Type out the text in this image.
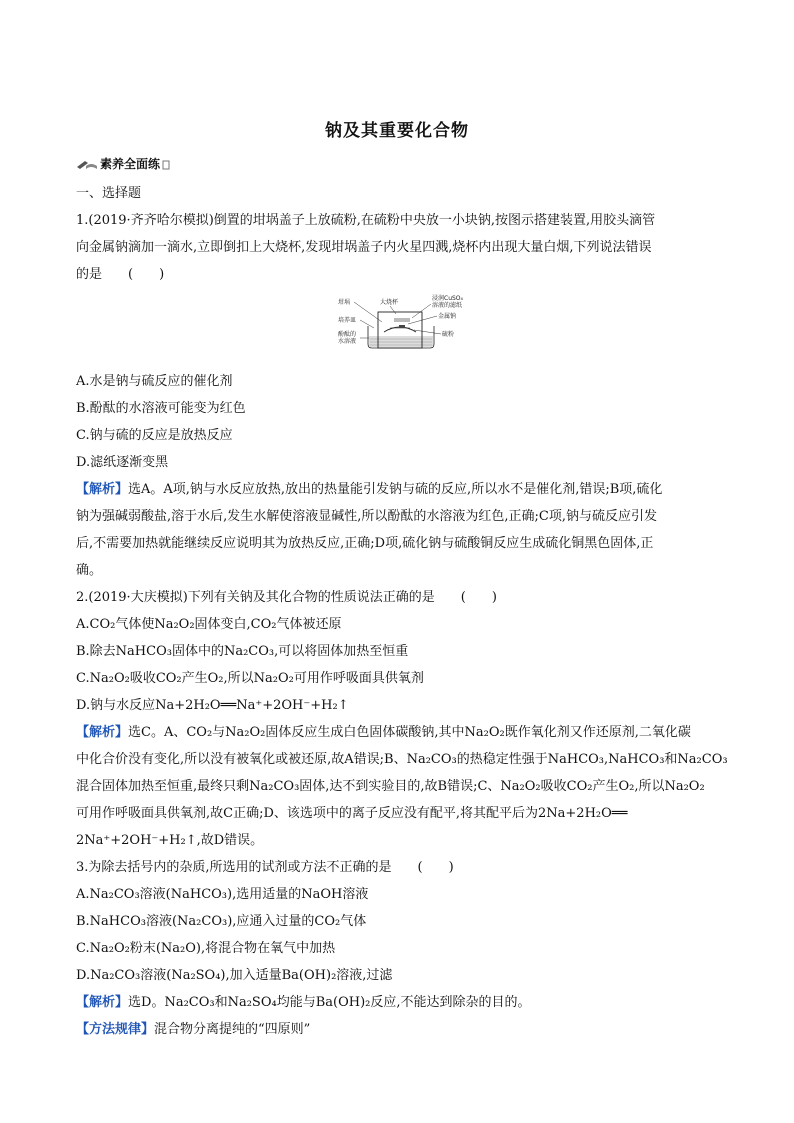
钠及其重要化合物
素养全面练
一、选择题
1.(2019·齐齐哈尔模拟)倒置的坩埚盖子上放硫粉,在硫粉中央放一小块钠,按图示搭建装置,用胶头滴管
向金属钠滴加一滴水,立即倒扣上大烧杯,发现坩埚盖子内火星四溅,烧杯内出现大量白烟,下列说法错误
的是　　(　　)
坩埚	大烧杯
浸润CuSO₄
溶液的滤纸
金属钠
培养皿
酚酞的
水溶液
硫粉
A.水是钠与硫反应的催化剂
B.酚酞的水溶液可能变为红色
C.钠与硫的反应是放热反应
D.滤纸逐渐变黑
【解析】选A。A项,钠与水反应放热,放出的热量能引发钠与硫的反应,所以水不是催化剂,错误;B项,硫化
钠为强碱弱酸盐,溶于水后,发生水解使溶液显碱性,所以酚酞的水溶液为红色,正确;C项,钠与硫反应引发
后,不需要加热就能继续反应说明其为放热反应,正确;D项,硫化钠与硫酸铜反应生成硫化铜黑色固体,正
确。
2.(2019·大庆模拟)下列有关钠及其化合物的性质说法正确的是　　(　　)
A.CO₂气体使Na₂O₂固体变白,CO₂气体被还原
B.除去NaHCO₃固体中的Na₂CO₃,可以将固体加热至恒重
C.Na₂O₂吸收CO₂产生O₂,所以Na₂O₂可用作呼吸面具供氧剂
D.钠与水反应Na+2H₂O══Na⁺+2OH⁻+H₂↑
【解析】选C。A、CO₂与Na₂O₂固体反应生成白色固体碳酸钠,其中Na₂O₂既作氧化剂又作还原剂,二氧化碳
中化合价没有变化,所以没有被氧化或被还原,故A错误;B、Na₂CO₃的热稳定性强于NaHCO₃,NaHCO₃和Na₂CO₃
混合固体加热至恒重,最终只剩Na₂CO₃固体,达不到实验目的,故B错误;C、Na₂O₂吸收CO₂产生O₂,所以Na₂O₂
可用作呼吸面具供氧剂,故C正确;D、该选项中的离子反应没有配平,将其配平后为2Na+2H₂O══
2Na⁺+2OH⁻+H₂↑,故D错误。
3.为除去括号内的杂质,所选用的试剂或方法不正确的是　　(　　)
A.Na₂CO₃溶液(NaHCO₃),选用适量的NaOH溶液
B.NaHCO₃溶液(Na₂CO₃),应通入过量的CO₂气体
C.Na₂O₂粉末(Na₂O),将混合物在氧气中加热
D.Na₂CO₃溶液(Na₂SO₄),加入适量Ba(OH)₂溶液,过滤
【解析】选D。Na₂CO₃和Na₂SO₄均能与Ba(OH)₂反应,不能达到除杂的目的。
【方法规律】混合物分离提纯的“四原则”
